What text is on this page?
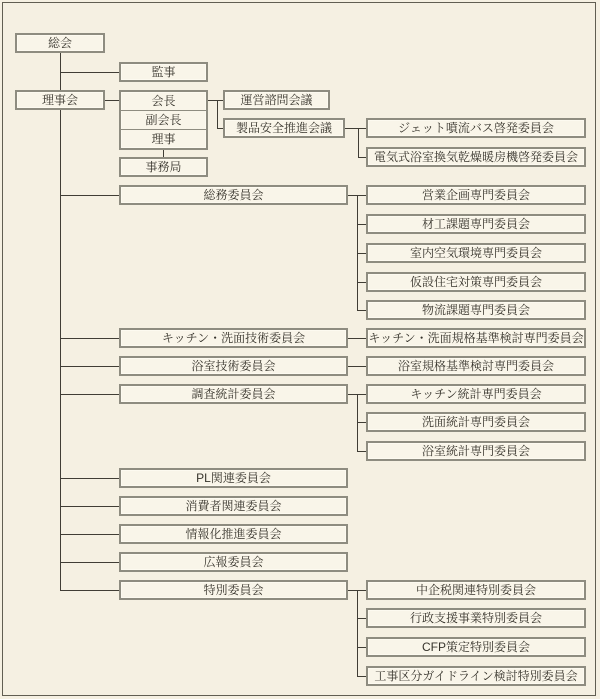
総会
監事
理事会	会長
副会長
理事
事務局
運営諮問会議
製品安全推進会議	ジェット噴流バス啓発委員会
電気式浴室換気乾燥暖房機啓発委員会
総務委員会
キッチン・洗面技術委員会
浴室技術委員会
調査統計委員会
PL関連委員会
消費者関連委員会
情報化推進委員会
広報委員会
特別委員会
営業企画専門委員会
材工課題専門委員会
室内空気環境専門委員会
仮設住宅対策専門委員会
物流課題専門委員会
キッチン・洗面規格基準検討専門委員会
浴室規格基準検討専門委員会
キッチン統計専門委員会
洗面統計専門委員会
浴室統計専門委員会
中企税関連特別委員会
行政支援事業特別委員会
CFP策定特別委員会
工事区分ガイドライン検討特別委員会
